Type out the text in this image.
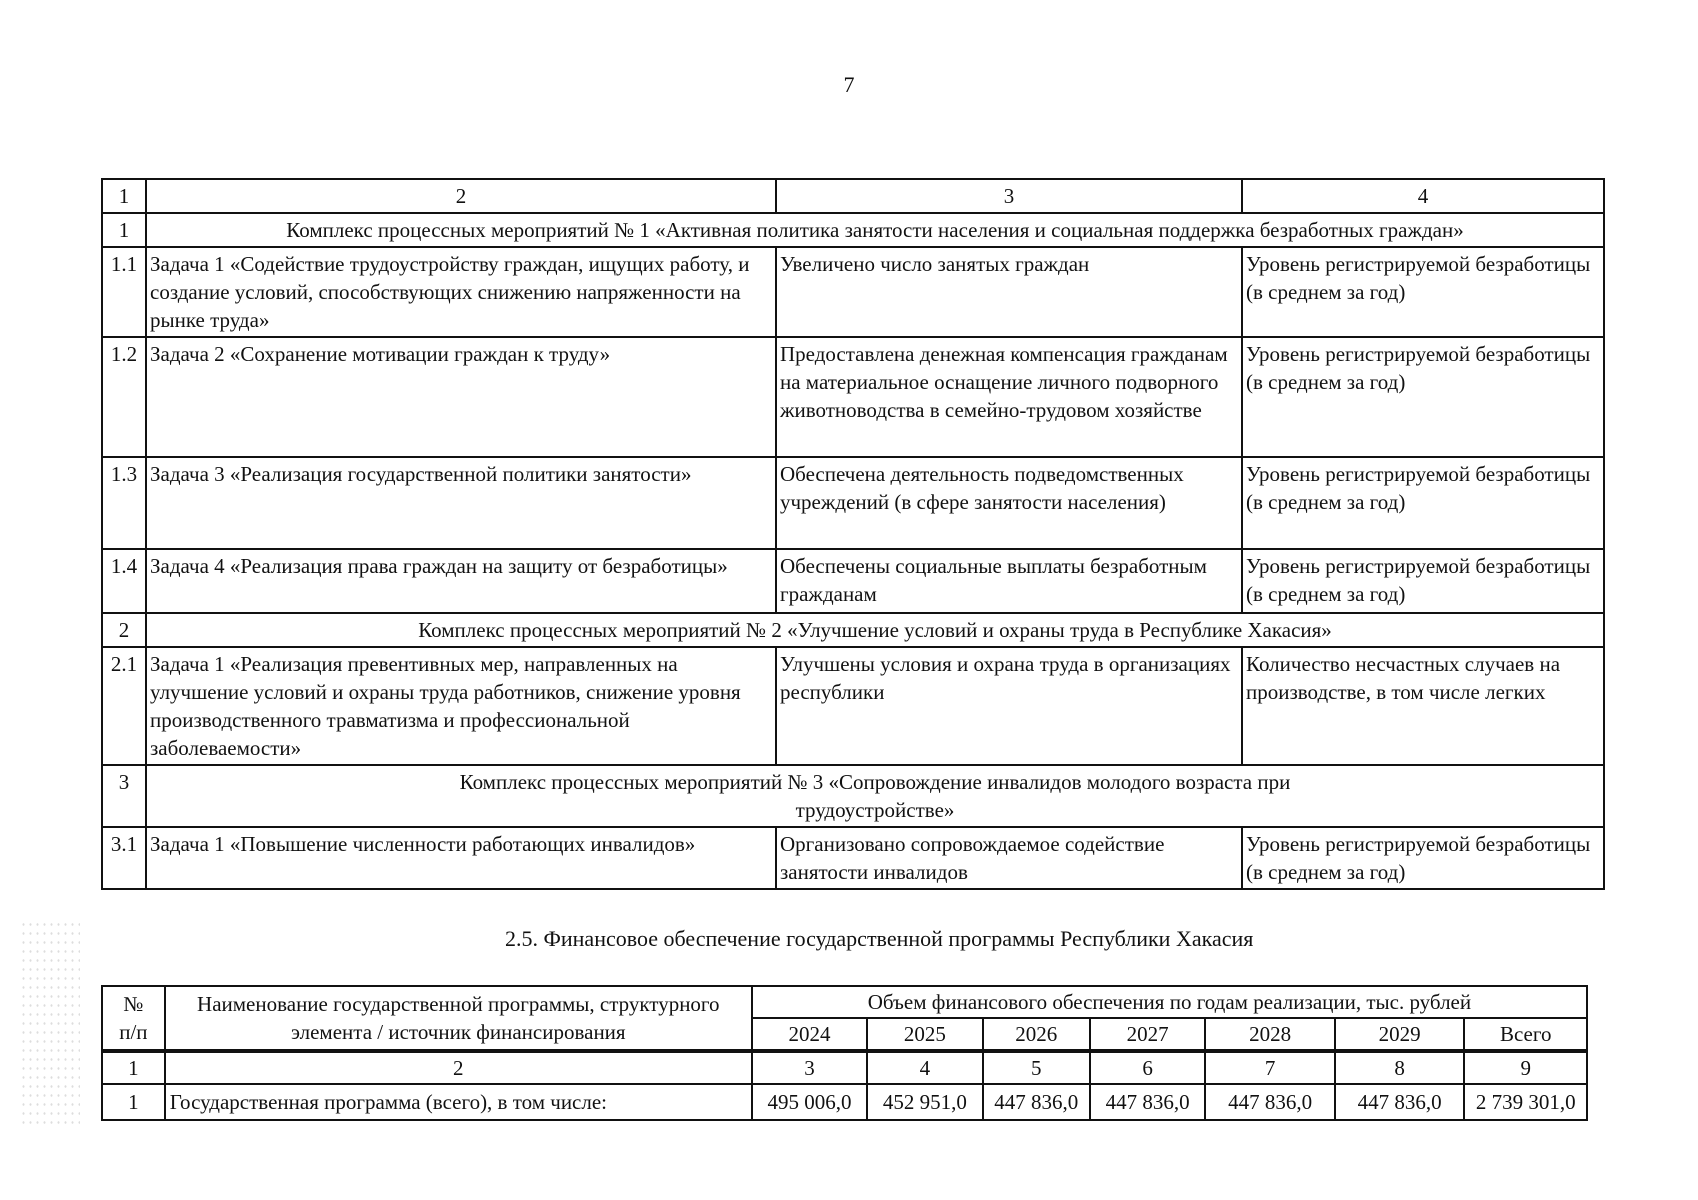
7
1	2	3	4
1	Комплекс процессных мероприятий № 1 «Активная политика занятости населения и социальная поддержка безработных граждан»		
1.1	Задача 1 «Содействие трудоустройству граждан, ищущих работу, и создание условий, способствующих снижению напряженности на рынке труда»	Увеличено число занятых граждан	Уровень регистрируемой безработицы (в среднем за год)
1.2	Задача 2 «Сохранение мотивации граждан к труду»	Предоставлена денежная компенсация гражданам на материальное оснащение личного подворного животноводства в семейно-трудовом хозяйстве	Уровень регистрируемой безработицы (в среднем за год)
1.3	Задача 3 «Реализация государственной политики занятости»	Обеспечена деятельность подведомственных учреждений (в сфере занятости населения)	Уровень регистрируемой безработицы (в среднем за год)
1.4	Задача 4 «Реализация права граждан на защиту от безработицы»	Обеспечены социальные выплаты безработным гражданам	Уровень регистрируемой безработицы (в среднем за год)
2	Комплекс процессных мероприятий № 2 «Улучшение условий и охраны труда в Республике Хакасия»		
2.1	Задача 1 «Реализация превентивных мер, направленных на улучшение условий и охраны труда работников, снижение уровня производственного травматизма и профессиональной заболеваемости»	Улучшены условия и охрана труда в организациях республики	Количество несчастных случаев на производстве, в том числе легких
3	Комплекс процессных мероприятий № 3 «Сопровождение инвалидов молодого возраста при трудоустройстве»		
3.1	Задача 1 «Повышение численности работающих инвалидов»	Организовано сопровождаемое содействие занятости инвалидов	Уровень регистрируемой безработицы (в среднем за год)
2.5. Финансовое обеспечение государственной программы Республики Хакасия
№ п/п	Наименование государственной программы, структурного элемента / источник финансирования	Объем финансового обеспечения по годам реализации, тыс. рублей						
		2024	2025	2026	2027	2028	2029	Всего
1	2	3	4	5	6	7	8	9
1	Государственная программа (всего), в том числе:	495 006,0	452 951,0	447 836,0	447 836,0	447 836,0	447 836,0	2 739 301,0
